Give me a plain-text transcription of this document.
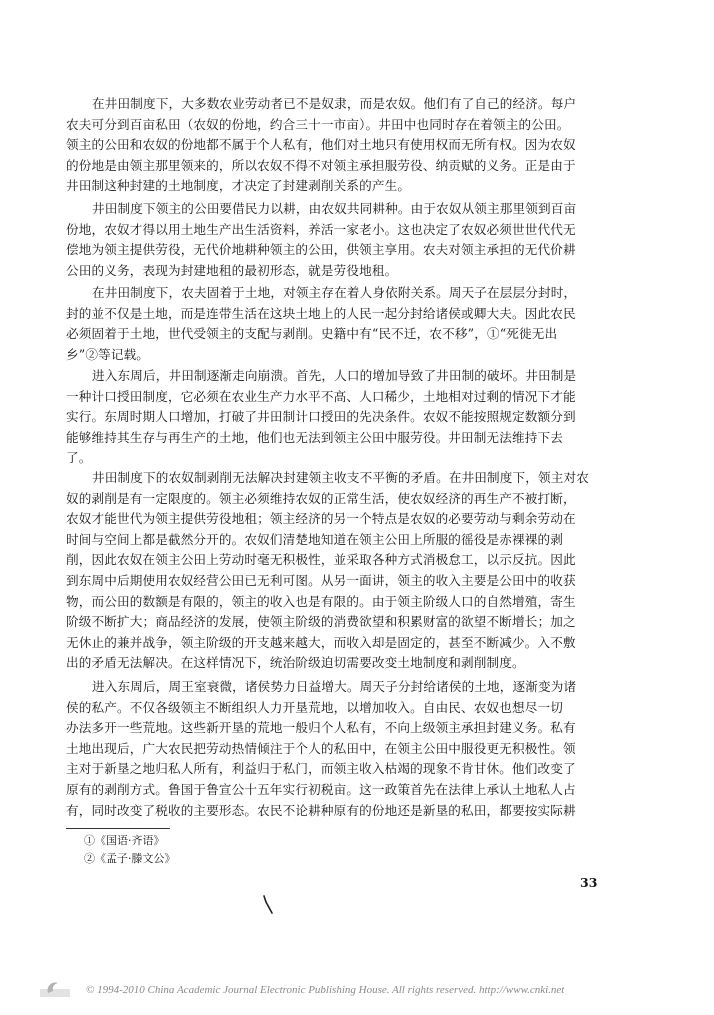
在井田制度下，大多数农业劳动者已不是奴隶，而是农奴。他们有了自己的经济。每户
农夫可分到百亩私田（农奴的份地，约合三十一市亩）。井田中也同时存在着领主的公田。
领主的公田和农奴的份地都不属于个人私有，他们对土地只有使用权而无所有权。因为农奴
的份地是由领主那里领来的，所以农奴不得不对领主承担服劳役、纳贡赋的义务。正是由于
井田制这种封建的土地制度，才决定了封建剥削关系的产生。

井田制度下领主的公田要借民力以耕，由农奴共同耕种。由于农奴从领主那里领到百亩
份地，农奴才得以用土地生产出生活资料，养活一家老小。这也决定了农奴必须世世代代无
偿地为领主提供劳役，无代价地耕种领主的公田，供领主享用。农夫对领主承担的无代价耕
公田的义务，表现为封建地租的最初形态，就是劳役地租。

在井田制度下，农夫固着于土地，对领主存在着人身依附关系。周天子在层层分封时，
封的並不仅是土地，而是连带生活在这块土地上的人民一起分封给诸侯或卿大夫。因此农民
必须固着于土地，世代受领主的支配与剥削。史籍中有“民不迁，农不移”，①“死徙无出
乡”②等记载。

进入东周后，井田制逐渐走向崩溃。首先，人口的增加导致了井田制的破坏。井田制是
一种计口授田制度，它必须在农业生产力水平不高、人口稀少，土地相对过剩的情况下才能
实行。东周时期人口增加，打破了井田制计口授田的先决条件。农奴不能按照规定数额分到
能够维持其生存与再生产的土地，他们也无法到领主公田中服劳役。井田制无法维持下去
了。

井田制度下的农奴制剥削无法解决封建领主收支不平衡的矛盾。在井田制度下，领主对农
奴的剥削是有一定限度的。领主必须维持农奴的正常生活，使农奴经济的再生产不被打断，
农奴才能世代为领主提供劳役地租；领主经济的另一个特点是农奴的必要劳动与剩余劳动在
时间与空间上都是截然分开的。农奴们清楚地知道在领主公田上所服的徭役是赤裸裸的剥
削，因此农奴在领主公田上劳动时毫无积极性，並采取各种方式消极怠工，以示反抗。因此
到东周中后期使用农奴经营公田已无利可图。从另一面讲，领主的收入主要是公田中的收获
物，而公田的数额是有限的，领主的收入也是有限的。由于领主阶级人口的自然增殖，寄生
阶级不断扩大；商品经济的发展，使领主阶级的消费欲望和积累财富的欲望不断增长；加之
无休止的兼并战争，领主阶级的开支越来越大，而收入却是固定的，甚至不断减少。入不敷
出的矛盾无法解决。在这样情况下，统治阶级迫切需要改变土地制度和剥削制度。

进入东周后，周王室衰微，诸侯势力日益增大。周天子分封给诸侯的土地，逐渐变为诸
侯的私产。不仅各级领主不断组织人力开垦荒地，以增加收入。自由民、农奴也想尽一切
办法多开一些荒地。这些新开垦的荒地一般归个人私有，不向上级领主承担封建义务。私有
土地出现后，广大农民把劳动热情倾注于个人的私田中，在领主公田中服役更无积极性。领
主对于新垦之地归私人所有，利益归于私门，而领主收入枯竭的现象不肯甘休。他们改变了
原有的剥削方式。鲁国于鲁宣公十五年实行初税亩。这一政策首先在法律上承认土地私人占
有，同时改变了税收的主要形态。农民不论耕种原有的份地还是新垦的私田，都要按实际耕

①《国语·齐语》
②《孟子·滕文公》
33
© 1994-2010 China Academic Journal Electronic Publishing House. All rights reserved. http://www.cnki.net
